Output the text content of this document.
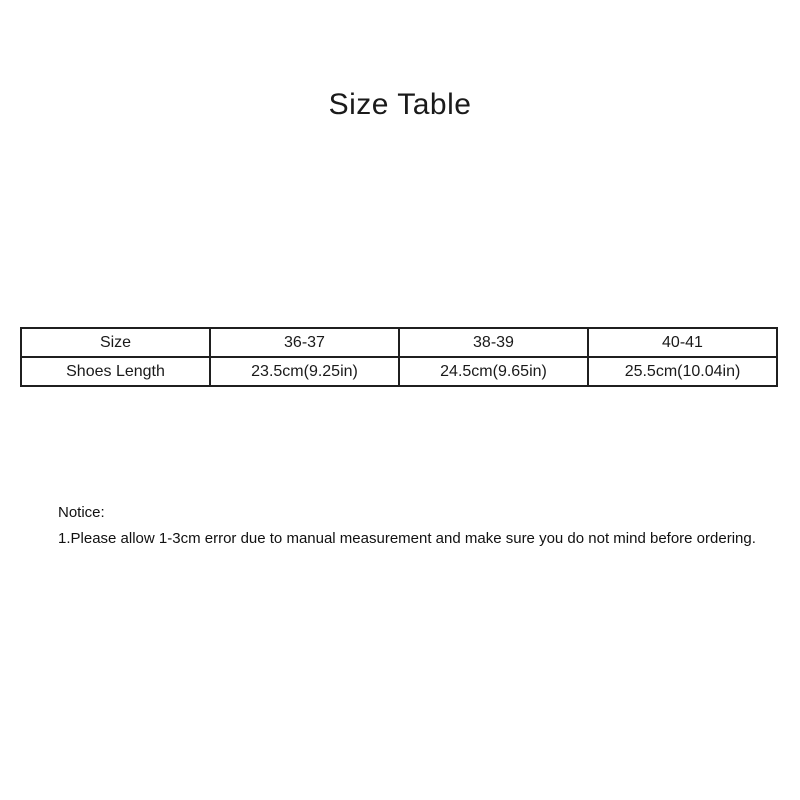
Size Table
Size	36-37	38-39	40-41
Shoes Length	23.5cm(9.25in)	24.5cm(9.65in)	25.5cm(10.04in)
Notice:
1.Please allow 1-3cm error due to manual measurement and make sure you do not mind before ordering.
